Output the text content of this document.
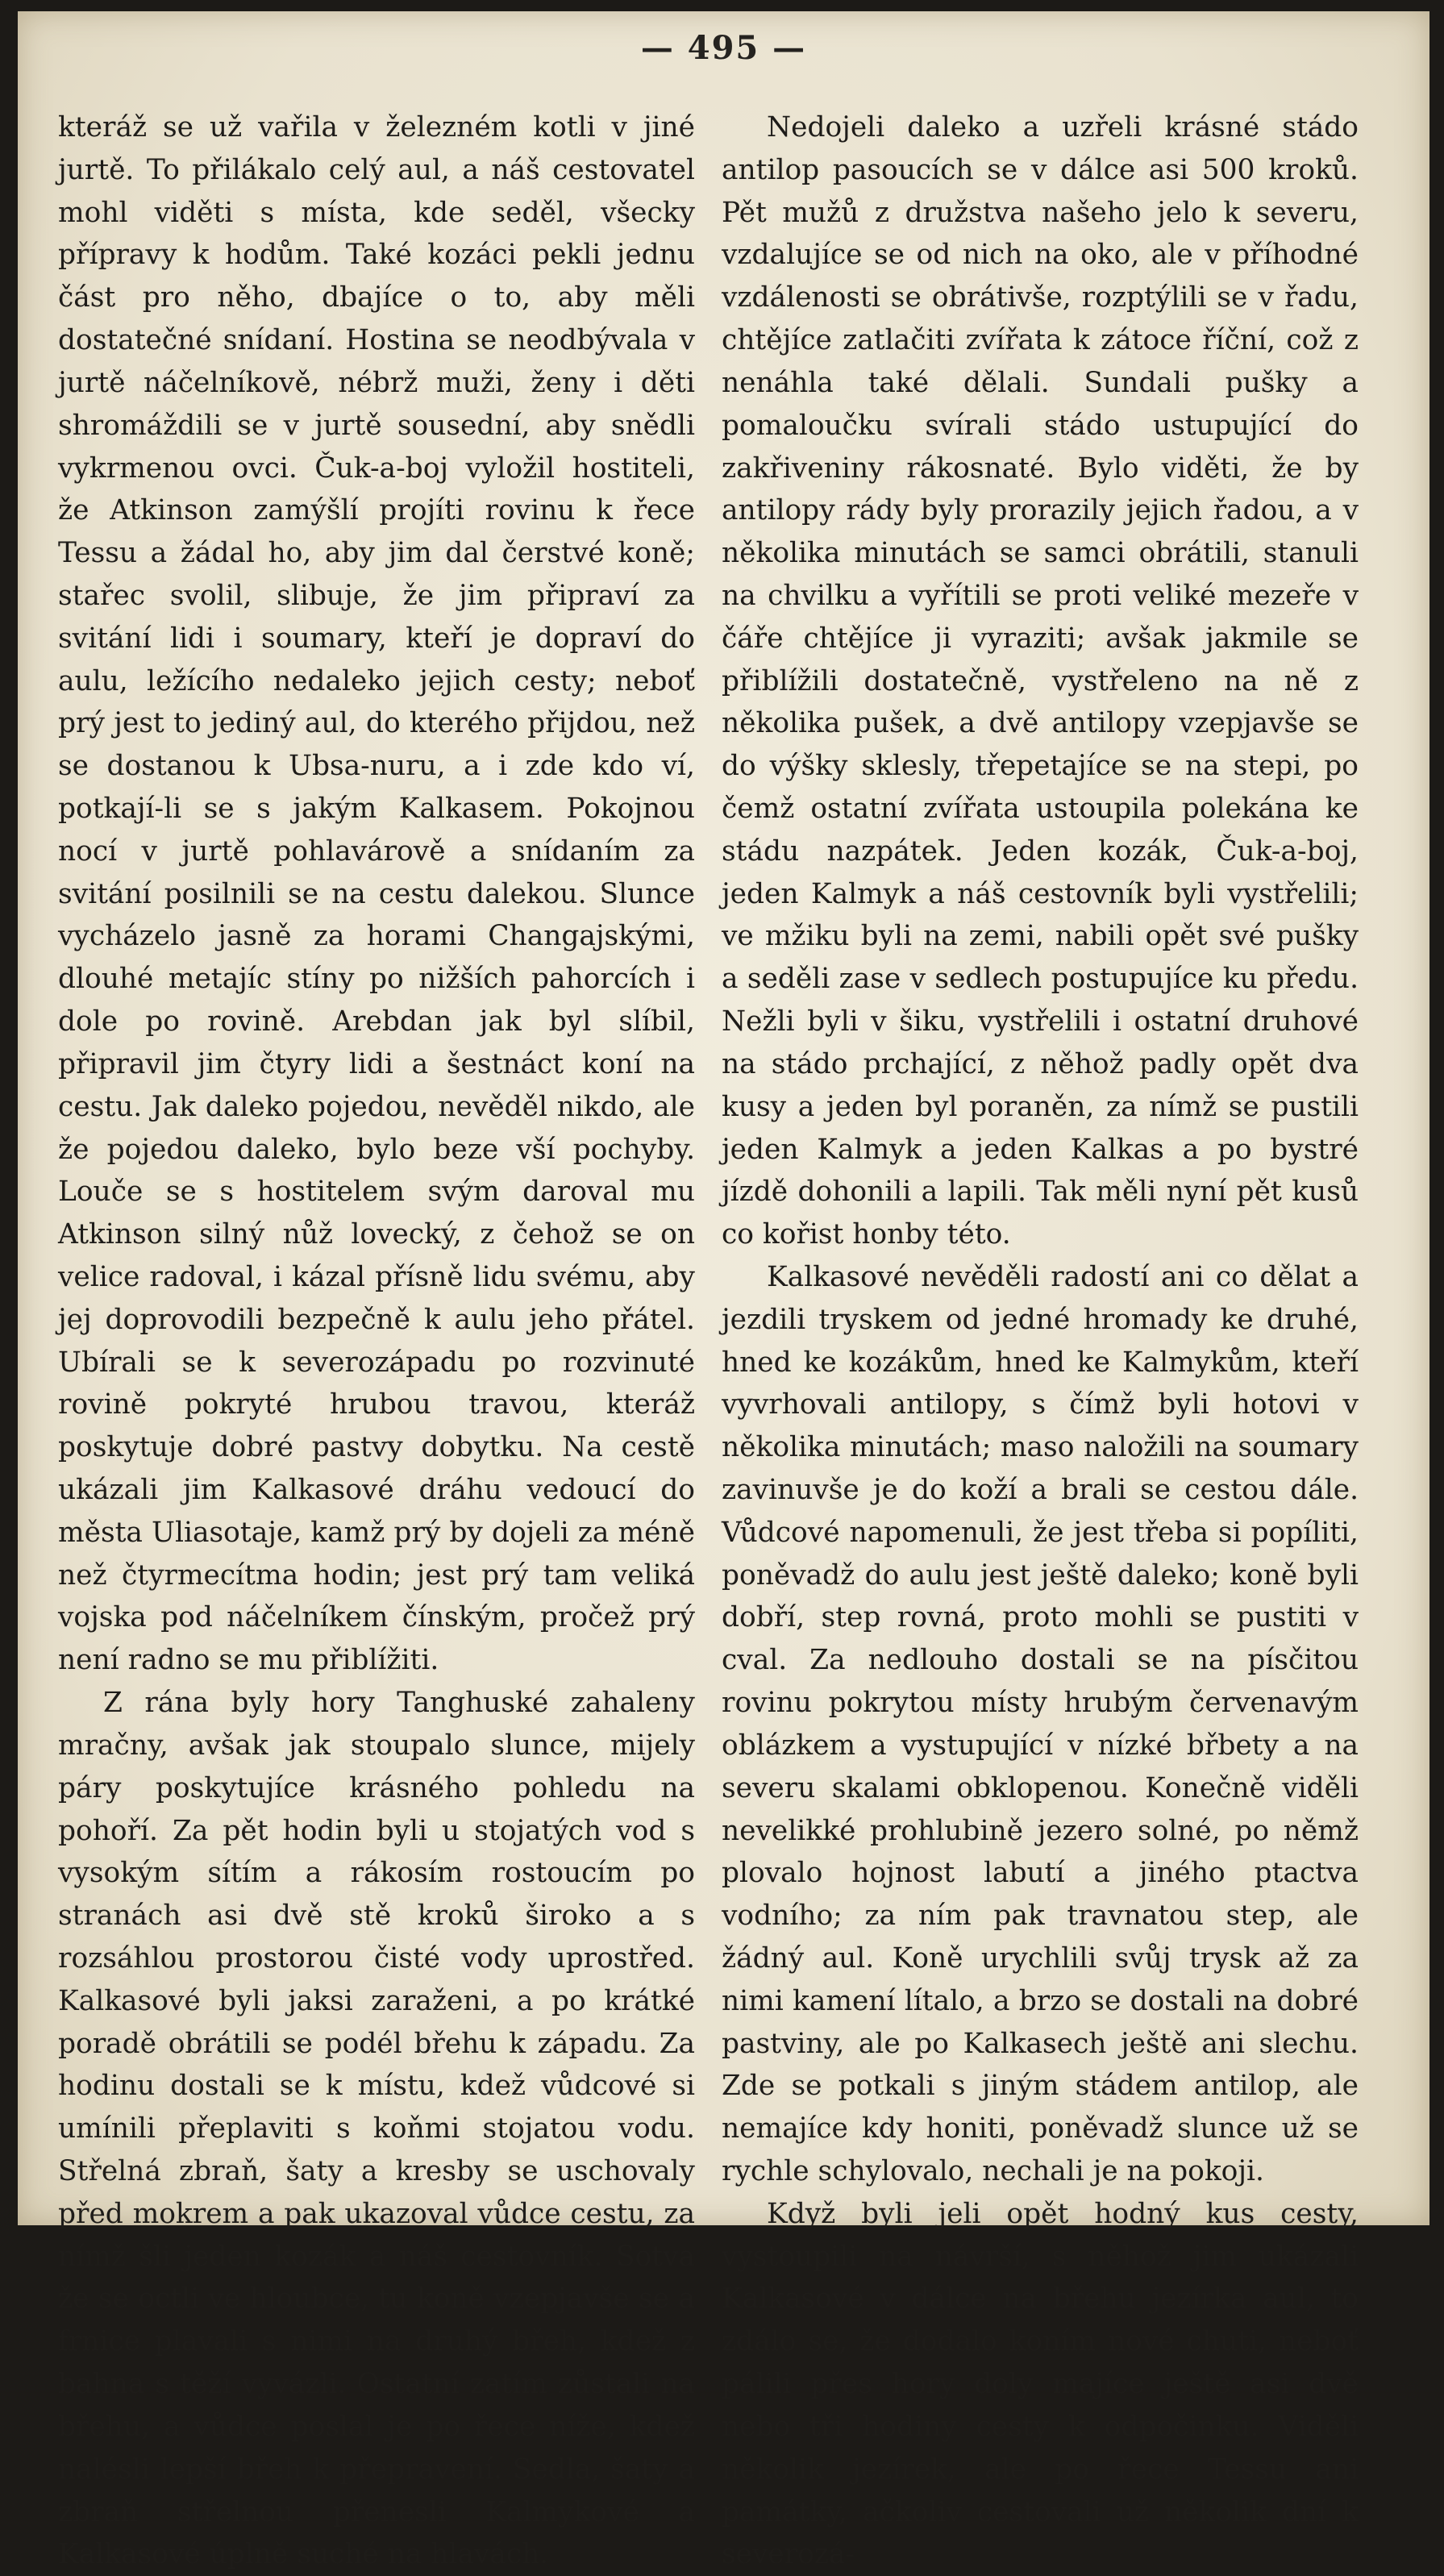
— 495 —

kteráž se už vařila v železném kotli v jiné jurtě. To přilákalo celý aul, a náš cestovatel mohl viděti s místa, kde seděl, všecky přípravy k hodům. Také kozáci pekli jednu část pro něho, dbajíce o to, aby měli dostatečné snídaní. Hostina se neodbývala v jurtě náčelníkově, nébrž muži, ženy i děti shromáždili se v jurtě sousední, aby snědli vykrmenou ovci. Čuk-a-boj vyložil hostiteli, že Atkinson zamýšlí projíti rovinu k řece Tessu a žádal ho, aby jim dal čerstvé koně; stařec svolil, slibuje, že jim připraví za svitání lidi i soumary, kteří je dopraví do aulu, ležícího nedaleko jejich cesty; neboť prý jest to jediný aul, do kterého přijdou, než se dostanou k Ubsa-nuru, a i zde kdo ví, potkají-li se s jakým Kalkasem. Pokojnou nocí v jurtě pohlavárově a snídaním za svitání posilnili se na cestu dalekou. Slunce vycházelo jasně za horami Changajskými, dlouhé metajíc stíny po nižších pahorcích i dole po rovině. Arebdan jak byl slíbil, připravil jim čtyry lidi a šestnáct koní na cestu. Jak daleko pojedou, nevěděl nikdo, ale že pojedou daleko, bylo beze vší pochyby. Louče se s hostitelem svým daroval mu Atkinson silný nůž lovecký, z čehož se on velice radoval, i kázal přísně lidu svému, aby jej doprovodili bezpečně k aulu jeho přátel. Ubírali se k severozápadu po rozvinuté rovině pokryté hrubou travou, kteráž poskytuje dobré pastvy dobytku. Na cestě ukázali jim Kalkasové dráhu vedoucí do města Uliasotaje, kamž prý by dojeli za méně než čtyrmecítma hodin; jest prý tam veliká vojska pod náčelníkem čínským, pročež prý není radno se mu přiblížiti.

Z rána byly hory Tanghuské zahaleny mračny, avšak jak stoupalo slunce, mijely páry poskytujíce krásného pohledu na pohoří. Za pět hodin byli u stojatých vod s vysokým sítím a rákosím rostoucím po stranách asi dvě stě kroků široko a s rozsáhlou prostorou čisté vody uprostřed. Kalkasové byli jaksi zaraženi, a po krátké poradě obrátili se podél břehu k západu. Za hodinu dostali se k místu, kdež vůdcové si umínili přeplaviti s koňmi stojatou vodu. Střelná zbraň, šaty a kresby se uschovaly před mokrem a pak ukazoval vůdce cestu, za nímž šli jeden kozák a náš cestovník. Sotva že se octli ve hloubce, tu koně vzepjavše se a frnice plavali s nimi na druhý břeh, kdež z bahna s těží vyvázli. Ostatní zatím zůstali na břehu, a vůdce poslal je po řece níže, kdež nalésli lepší břeh k přepravení. Sedla, šaty a zbraň střelnou přenesli Kalmykové a Kalkasové úplně suché na hlavách.

Nedojeli daleko a uzřeli krásné stádo antilop pasoucích se v dálce asi 500 kroků. Pět mužů z družstva našeho jelo k severu, vzdalujíce se od nich na oko, ale v příhodné vzdálenosti se obrátivše, rozptýlili se v řadu, chtějíce zatlačiti zvířata k zátoce říční, což z nenáhla také dělali. Sundali pušky a pomaloučku svírali stádo ustupující do zakřiveniny rákosnaté. Bylo viděti, že by antilopy rády byly prorazily jejich řadou, a v několika minutách se samci obrátili, stanuli na chvilku a vyřítili se proti veliké mezeře v čáře chtějíce ji vyraziti; avšak jakmile se přiblížili dostatečně, vystřeleno na ně z několika pušek, a dvě antilopy vzepjavše se do výšky sklesly, třepetajíce se na stepi, po čemž ostatní zvířata ustoupila polekána ke stádu nazpátek. Jeden kozák, Čuk-a-boj, jeden Kalmyk a náš cestovník byli vystřelili; ve mžiku byli na zemi, nabili opět své pušky a seděli zase v sedlech postupujíce ku předu. Nežli byli v šiku, vystřelili i ostatní druhové na stádo prchající, z něhož padly opět dva kusy a jeden byl poraněn, za nímž se pustili jeden Kalmyk a jeden Kalkas a po bystré jízdě dohonili a lapili. Tak měli nyní pět kusů co kořist honby této.

Kalkasové nevěděli radostí ani co dělat a jezdili tryskem od jedné hromady ke druhé, hned ke kozákům, hned ke Kalmykům, kteří vyvrhovali antilopy, s čímž byli hotovi v několika minutách; maso naložili na soumary zavinuvše je do koží a brali se cestou dále. Vůdcové napomenuli, že jest třeba si popíliti, poněvadž do aulu jest ještě daleko; koně byli dobří, step rovná, proto mohli se pustiti v cval. Za nedlouho dostali se na písčitou rovinu pokrytou místy hrubým červenavým oblázkem a vystupující v nízké břbety a na severu skalami obklopenou. Konečně viděli nevelikké prohlubině jezero solné, po němž plovalo hojnost labutí a jiného ptactva vodního; za ním pak travnatou step, ale žádný aul. Koně urychlili svůj trysk až za nimi kamení lítalo, a brzo se dostali na dobré pastviny, ale po Kalkasech ještě ani slechu. Zde se potkali s jiným stádem antilop, ale nemajíce kdy honiti, poněvadž slunce už se rychle schylovalo, nechali je na pokoji.

Když byli jeli opět hodný kus cesty, vystoupili na návrší, s něhož jim ukázali Kalkasové v dálce na břehu jezírka aul, to zdálo se, že dodalo koním nové chuti, neboť pálili přes hory doly majíce ještě asi dvě nebo tři hodiny cesty k odpočinku. Viděli několik jezírek, ale po řece Tessu ani památky, ačkoliv cestovali už několik dní k severozá-
